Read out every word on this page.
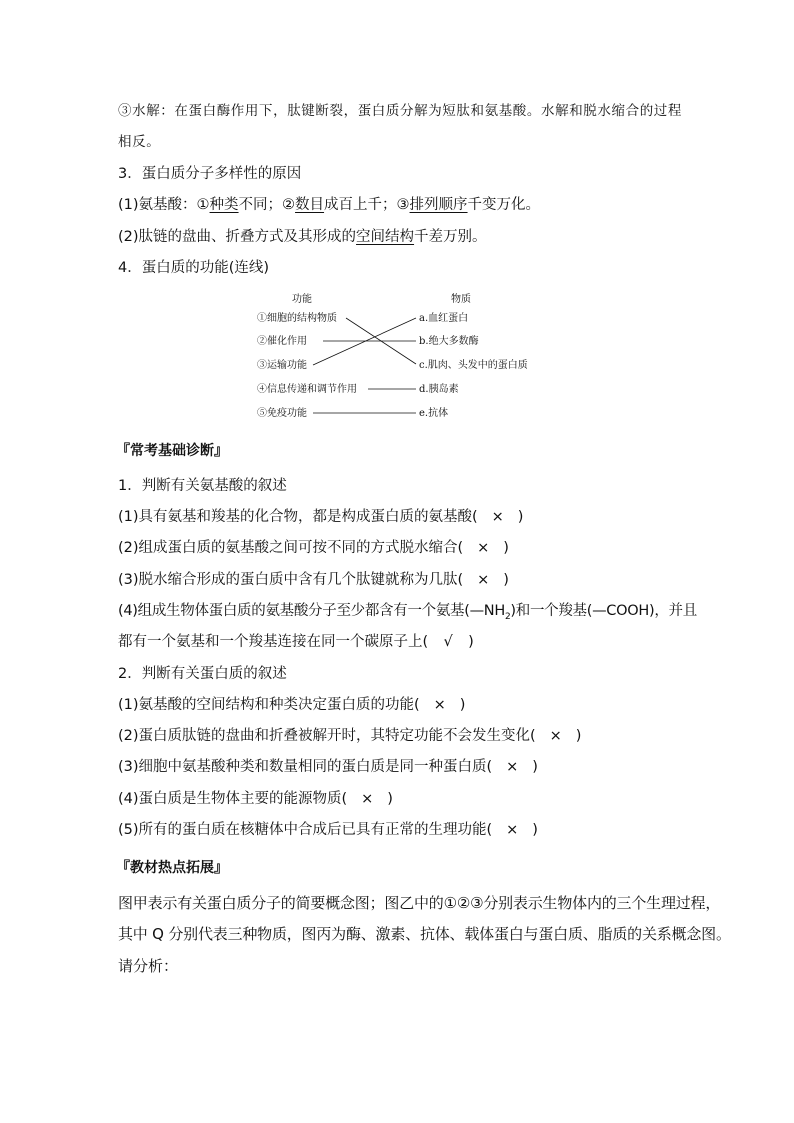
③水解：在蛋白酶作用下，肽键断裂，蛋白质分解为短肽和氨基酸。水解和脱水缩合的过程
相反。
3．蛋白质分子多样性的原因
(1)氨基酸：①种类不同；②数目成百上千；③排列顺序千变万化。
(2)肽链的盘曲、折叠方式及其形成的空间结构千差万别。
4．蛋白质的功能(连线)
功能	物质
①细胞的结构物质
②催化作用
③运输功能
④信息传递和调节作用
⑤免疫功能
a.血红蛋白
b.绝大多数酶
c.肌肉、头发中的蛋白质
d.胰岛素
e.抗体
『常考基础诊断』
1．判断有关氨基酸的叙述
(1)具有氨基和羧基的化合物，都是构成蛋白质的氨基酸( × )
(2)组成蛋白质的氨基酸之间可按不同的方式脱水缩合( × )
(3)脱水缩合形成的蛋白质中含有几个肽键就称为几肽( × )
(4)组成生物体蛋白质的氨基酸分子至少都含有一个氨基$(—NH_2)$和一个羧基(—COOH)，并且
都有一个氨基和一个羧基连接在同一个碳原子上( √ )
2．判断有关蛋白质的叙述
(1)氨基酸的空间结构和种类决定蛋白质的功能( × )
(2)蛋白质肽链的盘曲和折叠被解开时，其特定功能不会发生变化( × )
(3)细胞中氨基酸种类和数量相同的蛋白质是同一种蛋白质( × )
(4)蛋白质是生物体主要的能源物质( × )
(5)所有的蛋白质在核糖体中合成后已具有正常的生理功能( × )
『教材热点拓展』
图甲表示有关蛋白质分子的简要概念图；图乙中的①②③分别表示生物体内的三个生理过程，
其中 Q 分别代表三种物质，图丙为酶、激素、抗体、载体蛋白与蛋白质、脂质的关系概念图。
请分析：
